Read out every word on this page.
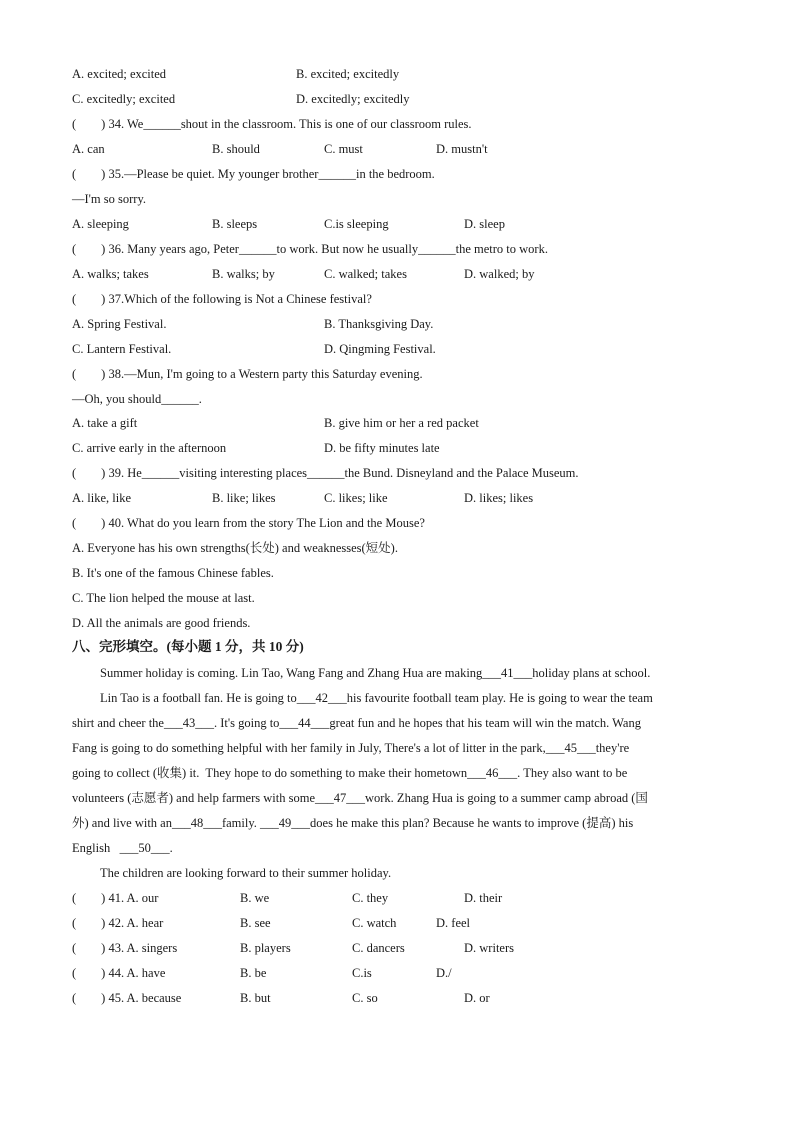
A. excited; excited	B. excited; excitedly
C. excitedly; excited	D. excitedly; excitedly
(　　) 34. We______shout in the classroom. This is one of our classroom rules.
A. can	B. should	C. must	D. mustn't
(　　) 35.—Please be quiet. My younger brother______in the bedroom.
—I'm so sorry.
A. sleeping	B. sleeps	C.is sleeping	D. sleep
(　　) 36. Many years ago, Peter______to work. But now he usually______the metro to work.
A. walks; takes	B. walks; by	C. walked; takes	D. walked; by
(　　) 37.Which of the following is Not a Chinese festival?
A. Spring Festival.	B. Thanksgiving Day.
C. Lantern Festival.	D. Qingming Festival.
(　　) 38.—Mun, I'm going to a Western party this Saturday evening.
—Oh, you should______.
A. take a gift	B. give him or her a red packet
C. arrive early in the afternoon	D. be fifty minutes late
(　　) 39. He______visiting interesting places______the Bund. Disneyland and the Palace Museum.
A. like, like	B. like; likes	C. likes; like	D. likes; likes
(　　) 40. What do you learn from the story The Lion and the Mouse?
A. Everyone has his own strengths(长处) and weaknesses(短处).
B. It's one of the famous Chinese fables.
C. The lion helped the mouse at last.
D. All the animals are good friends.
八、完形填空。(每小题 1 分，共 10 分)
Summer holiday is coming. Lin Tao, Wang Fang and Zhang Hua are making___41___holiday plans at school.
Lin Tao is a football fan. He is going to___42___his favourite football team play. He is going to wear the team
shirt and cheer the___43___. It's going to___44___great fun and he hopes that his team will win the match. Wang
Fang is going to do something helpful with her family in July, There's a lot of litter in the park,___45___they're
going to collect (收集) it.  They hope to do something to make their hometown___46___. They also want to be
volunteers (志愿者) and help farmers with some___47___work. Zhang Hua is going to a summer camp abroad (国
外) and live with an___48___family. ___49___does he make this plan? Because he wants to improve (提高) his
English   ___50___.
The children are looking forward to their summer holiday.
(　　) 41. A. our	B. we	C. they	D. their
(　　) 42. A. hear	B. see	C. watch	D. feel
(　　) 43. A. singers	B. players	C. dancers	D. writers
(　　) 44. A. have	B. be	C.is	D./
(　　) 45. A. because	B. but	C. so	D. or
